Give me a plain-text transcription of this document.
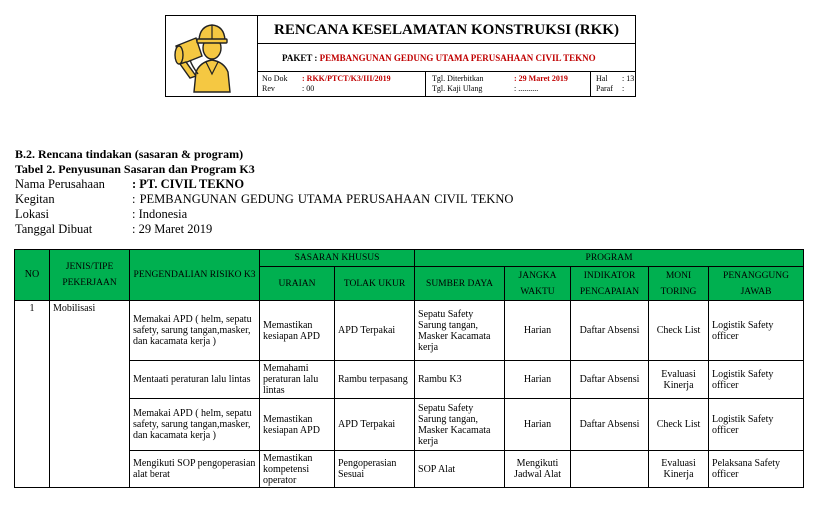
RENCANA KESELAMATAN KONSTRUKSI (RKK)
PAKET : PEMBANGUNAN GEDUNG UTAMA PERUSAHAAN CIVIL TEKNO
No Dok : RKK/PTCT/K3/III/2019
Rev	: 00
Tgl. Diterbitkan	: 29 Maret 2019
Tgl. Kaji Ulang	: ..........
Hal : 13
Paraf :
B.2. Rencana tindakan (sasaran & program)
Tabel 2. Penyusunan Sasaran dan Program K3
Nama Perusahaan : PT. CIVIL TEKNO
Kegitan	: PEMBANGUNAN GEDUNG UTAMA PERUSAHAAN CIVIL TEKNO
Lokasi	: Indonesia
Tanggal Dibuat	: 29 Maret 2019
NO	JENIS/TIPE PEKERJAAN	PENGENDALIAN RISIKO K3	SASARAN KHUSUS		PROGRAM				
			URAIAN	TOLAK UKUR	SUMBER DAYA	JANGKA WAKTU	INDIKATOR PENCAPAIAN	MONI TORING	PENANGGUNG JAWAB
1	Mobilisasi	Memakai APD ( helm, sepatu safety, sarung tangan,masker, dan kacamata kerja )	Memastikan kesiapan APD	APD Terpakai	Sepatu Safety Sarung tangan, Masker Kacamata kerja	Harian	Daftar Absensi	Check List	Logistik Safety officer
		Mentaati peraturan lalu lintas	Memahami peraturan lalu lintas	Rambu terpasang	Rambu K3	Harian	Daftar Absensi	Evaluasi Kinerja	Logistik Safety officer
		Memakai APD ( helm, sepatu safety, sarung tangan,masker, dan kacamata kerja )	Memastikan kesiapan APD	APD Terpakai	Sepatu Safety Sarung tangan, Masker Kacamata kerja	Harian	Daftar Absensi	Check List	Logistik Safety officer
		Mengikuti SOP pengoperasian alat berat	Memastikan kompetensi operator	Pengoperasian Sesuai	SOP Alat	Mengikuti Jadwal Alat		Evaluasi Kinerja	Pelaksana Safety officer
